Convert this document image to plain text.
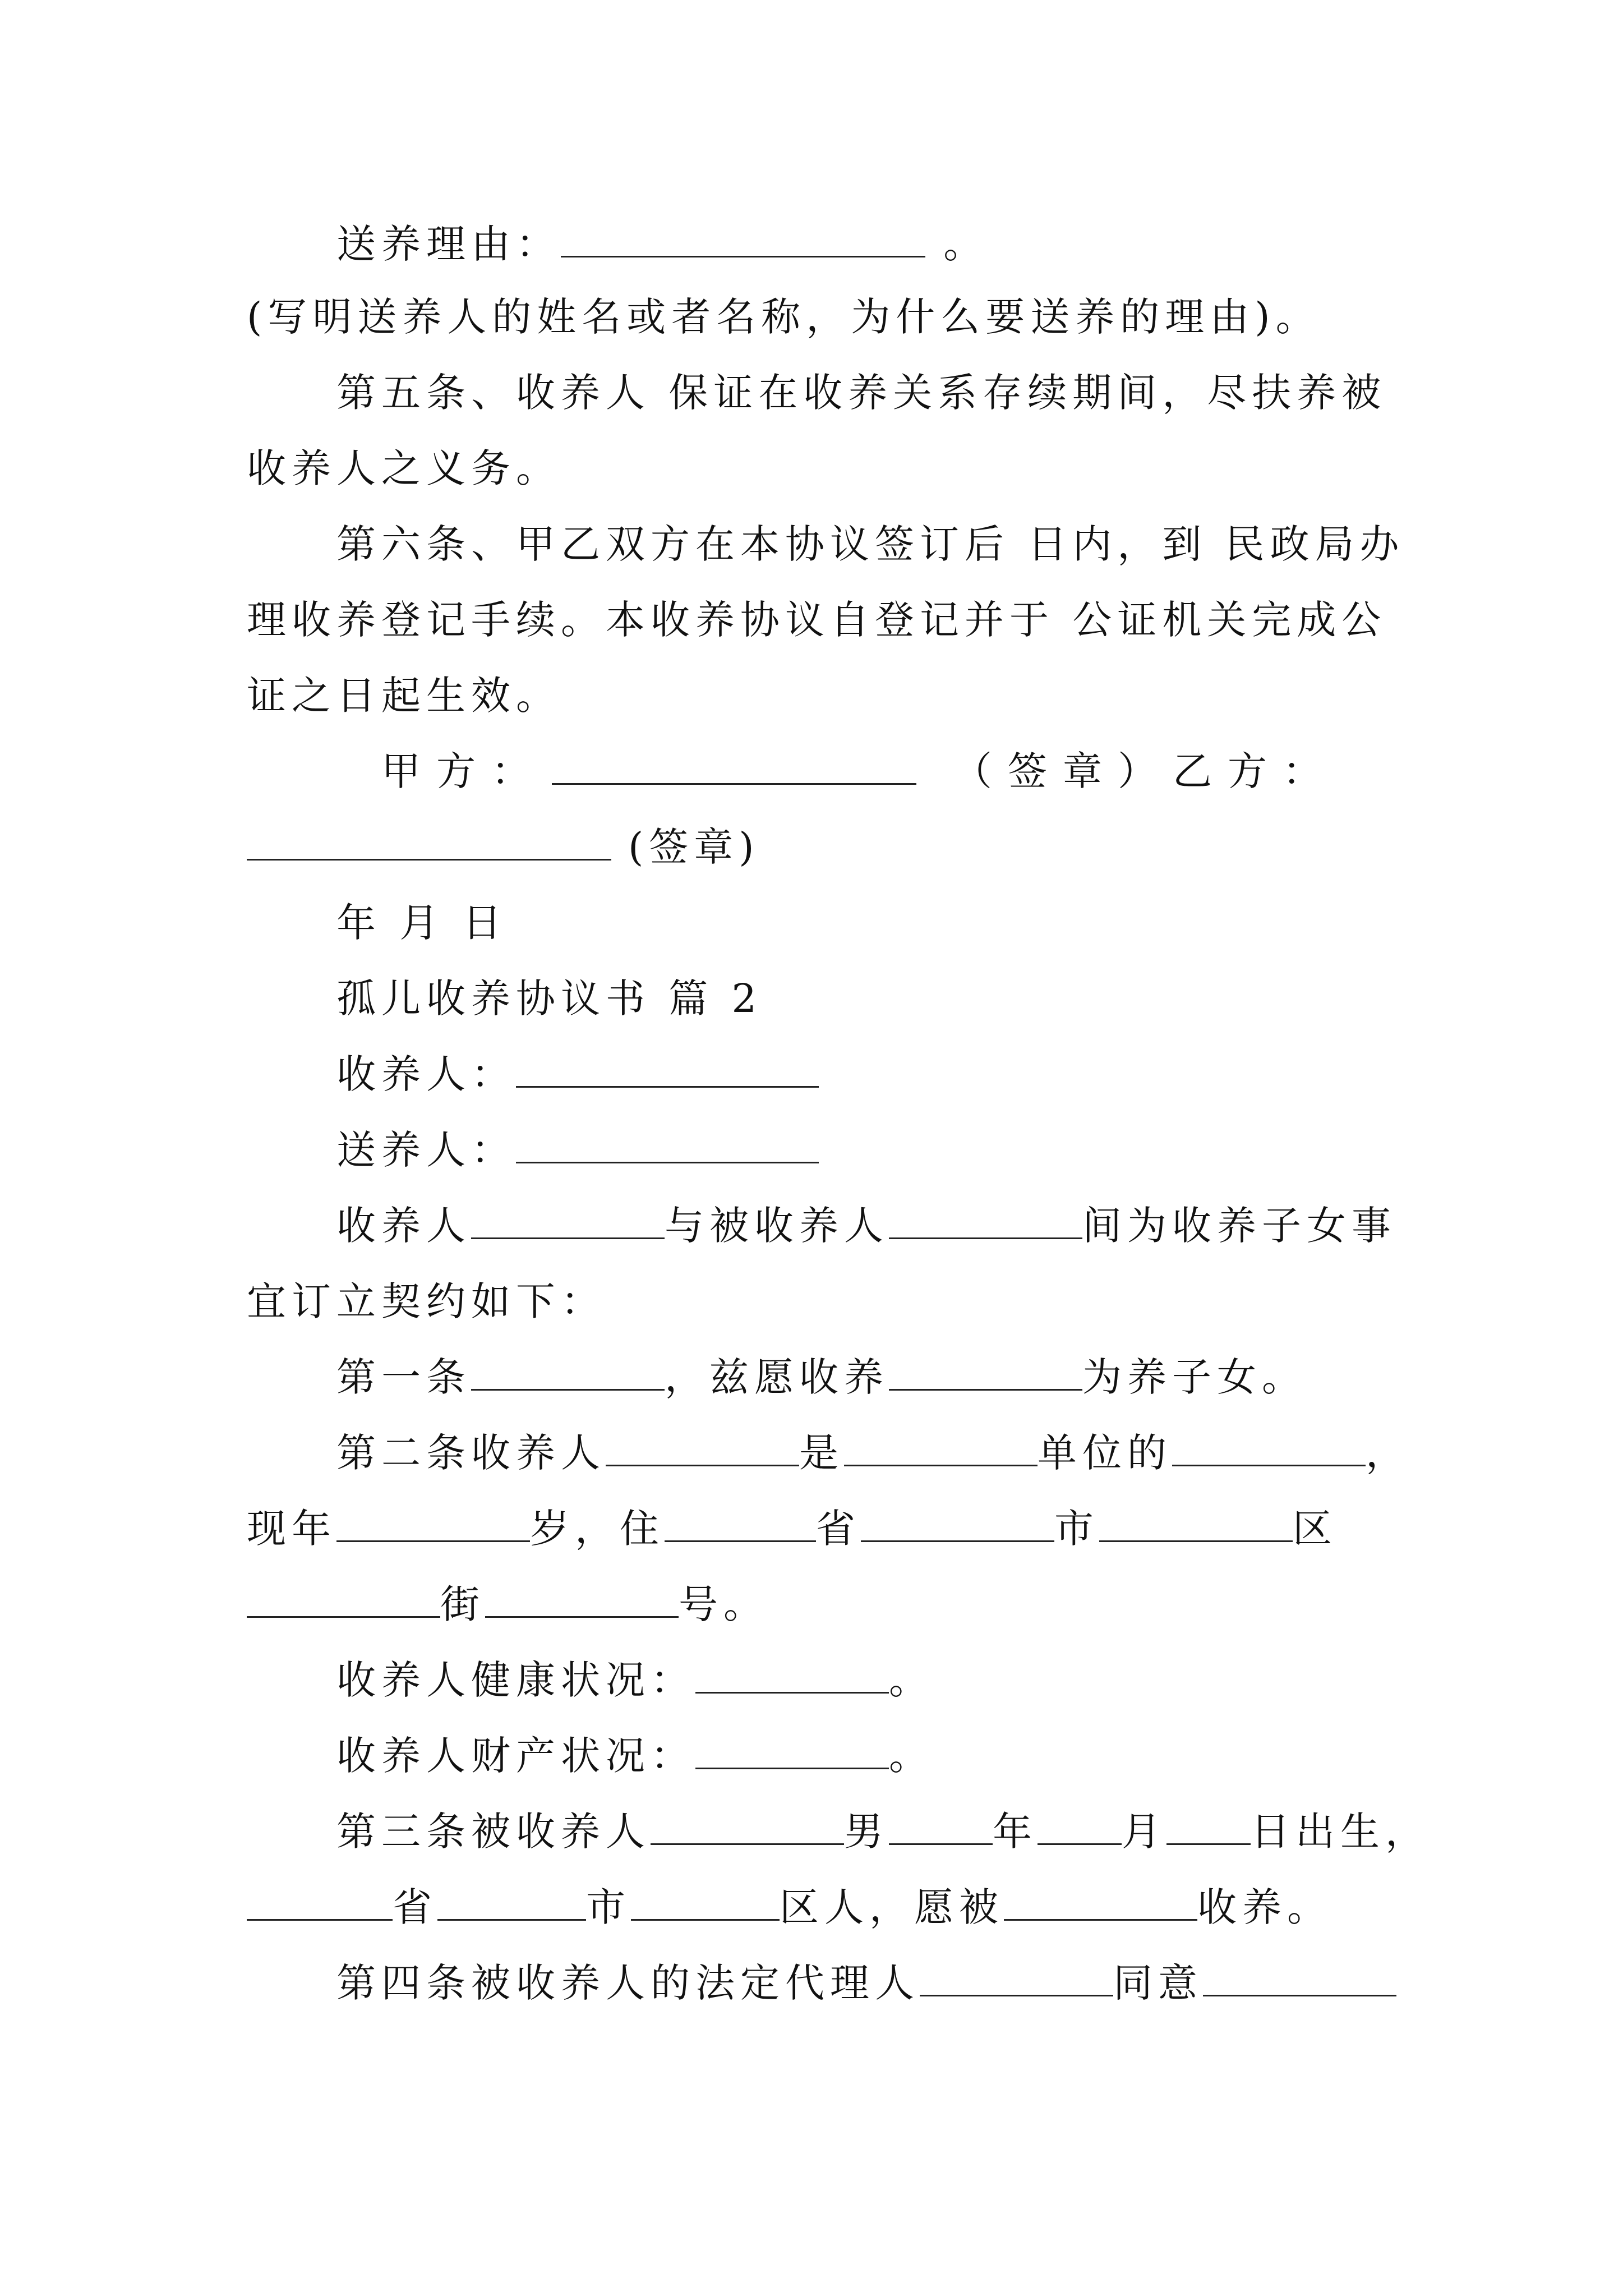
送养理由：	。
(写明送养人的姓名或者名称，为什么要送养的理由)。
第五条、收养人 保证在收养关系存续期间，尽扶养被
收养人之义务。
第六条、甲乙双方在本协议签订后 日内，到 民政局办
理收养登记手续。本收养协议自登记并于 公证机关完成公
证之日起生效。
甲方：	（签章）乙方：
(签章)
年 月 日
孤儿收养协议书 篇 2
收养人：
送养人：
收养人	与被收养人	间为收养子女事
宜订立契约如下：
第一条	，兹愿收养	为养子女。
第二条收养人	是	单位的	，
现年	岁，住	省	市	区
街	号。
收养人健康状况：	。
收养人财产状况：	。
第三条被收养人	男	年 月 日出生，
省	市	区人，愿被	收养。
第四条被收养人的法定代理人	同意
